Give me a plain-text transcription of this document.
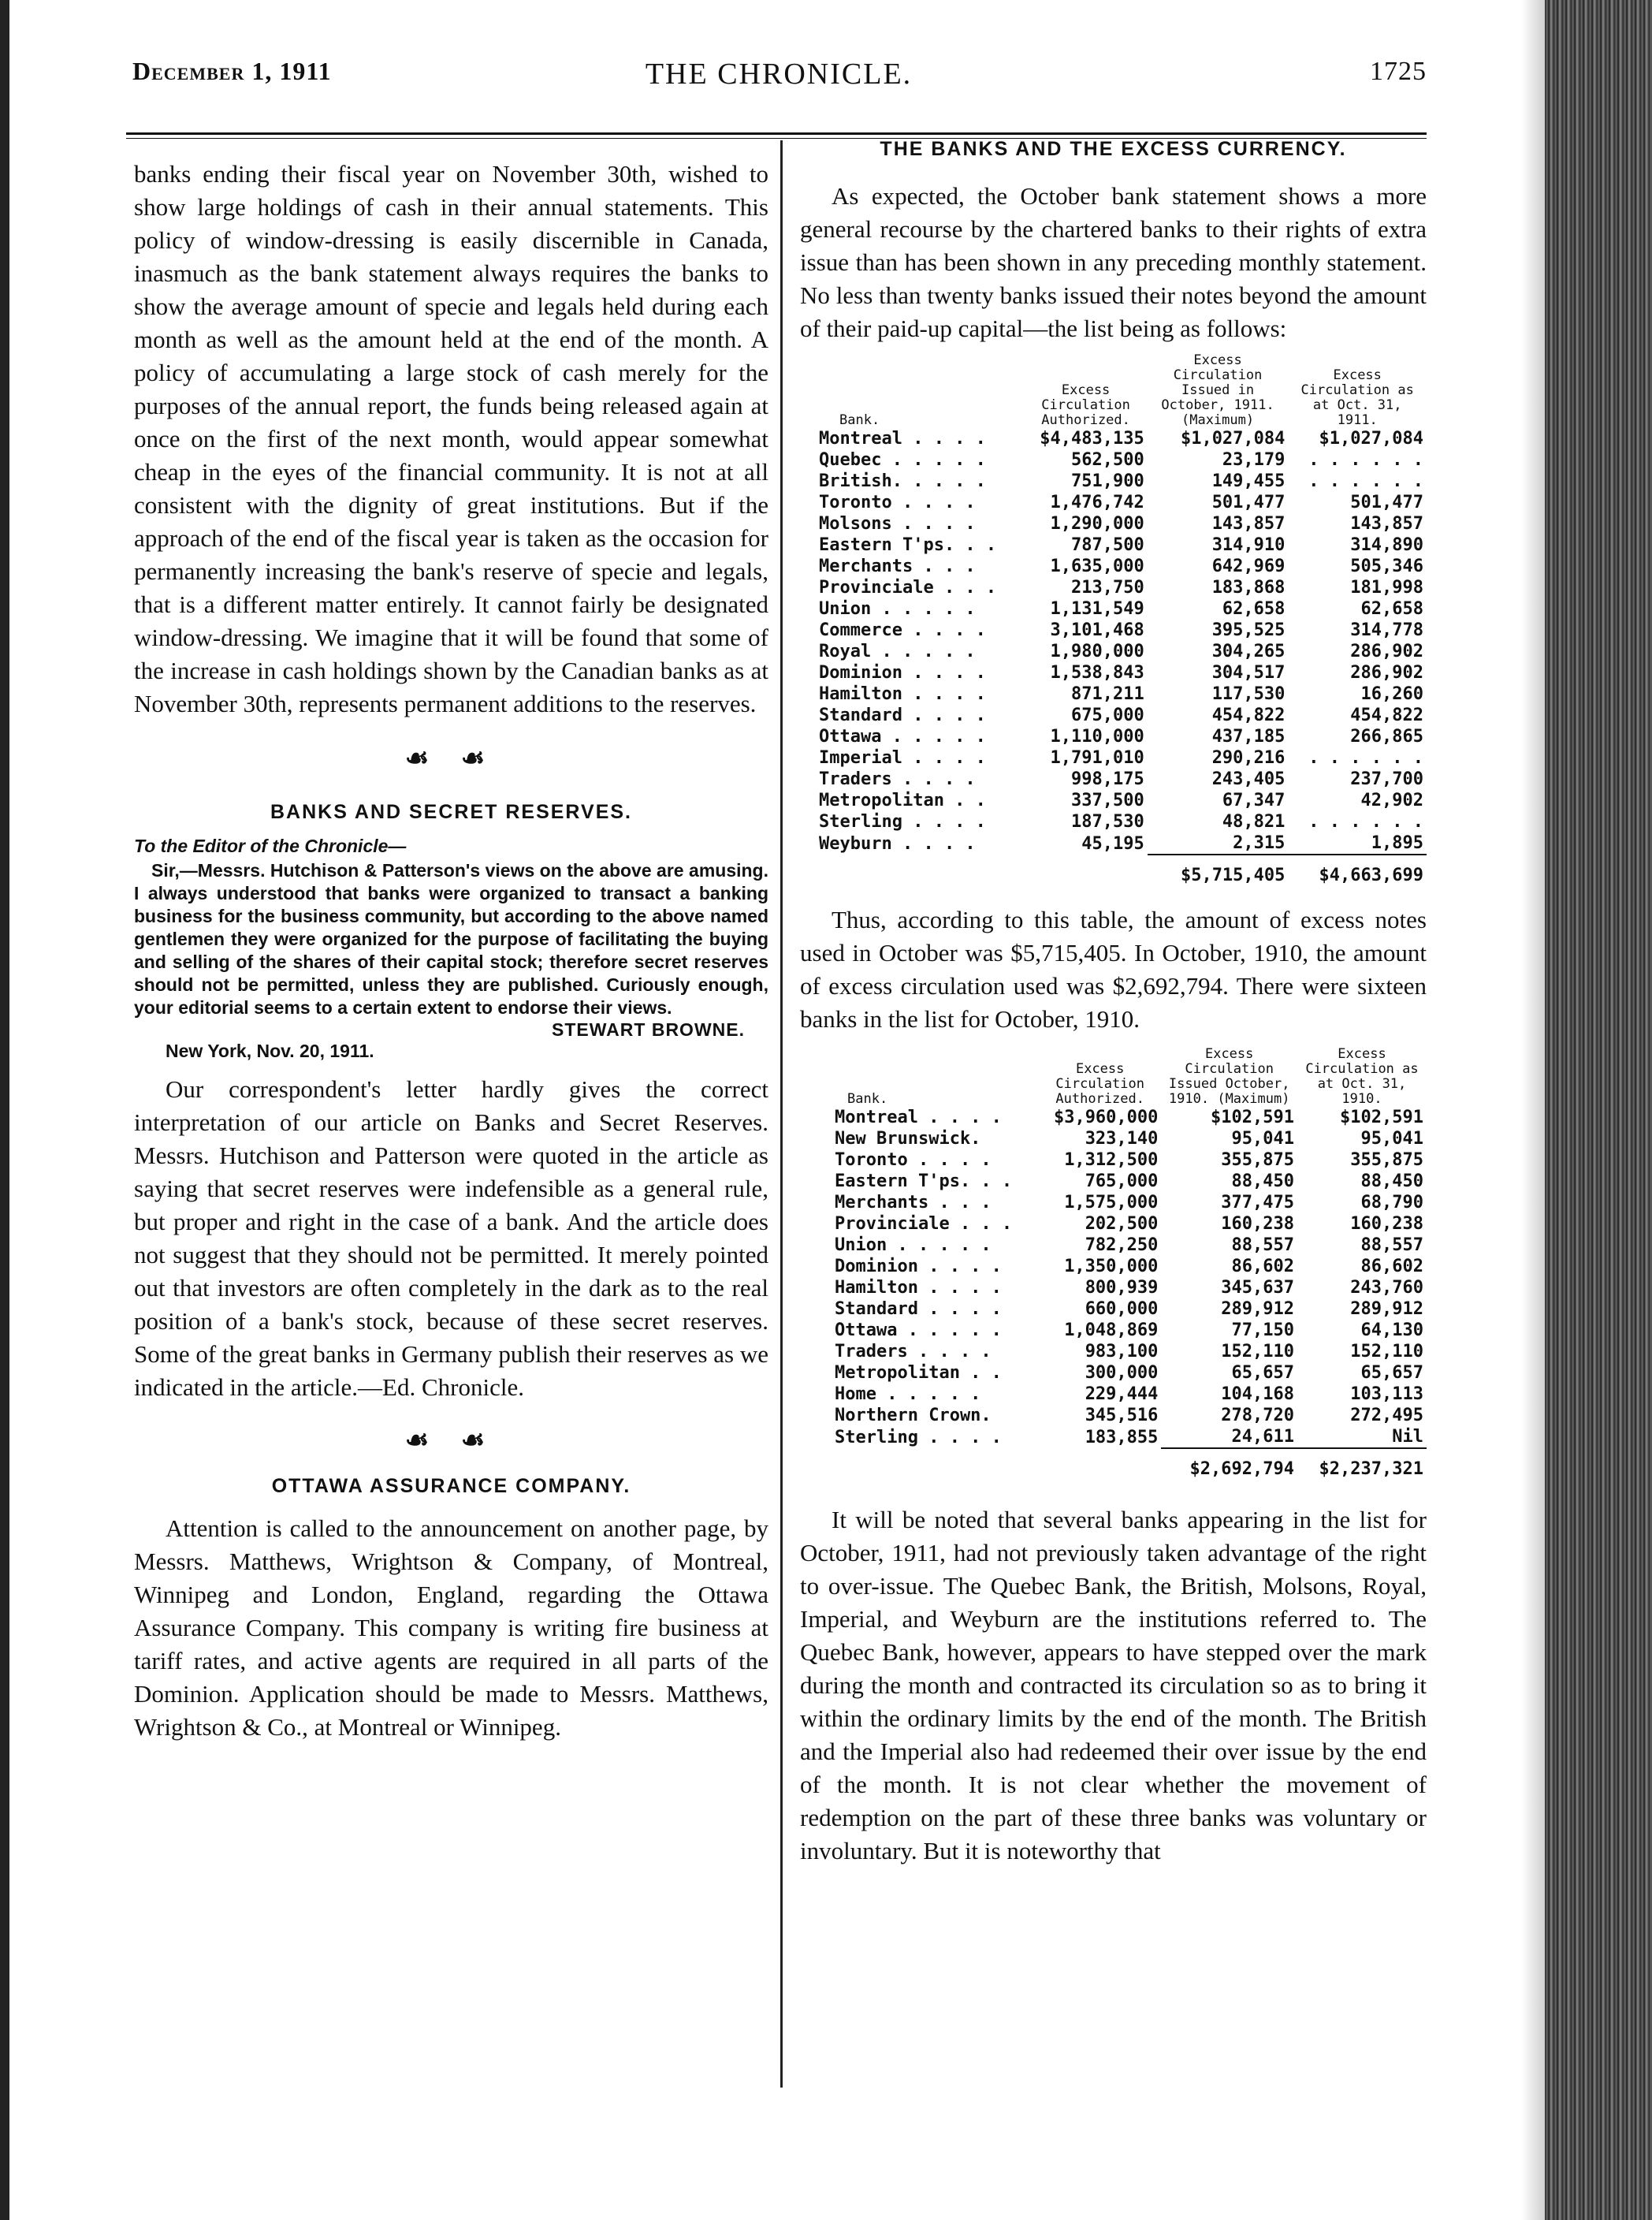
December 1, 1911	THE CHRONICLE.	1725

banks ending their fiscal year on November 30th, wished to show large holdings of cash in their annual statements. This policy of window-dressing is easily discernible in Canada, inasmuch as the bank statement always requires the banks to show the average amount of specie and legals held during each month as well as the amount held at the end of the month. A policy of accumulating a large stock of cash merely for the purposes of the annual report, the funds being released again at once on the first of the next month, would appear somewhat cheap in the eyes of the financial community. It is not at all consistent with the dignity of great institutions. But if the approach of the end of the fiscal year is taken as the occasion for permanently increasing the bank's reserve of specie and legals, that is a different matter entirely. It cannot fairly be designated window-dressing. We imagine that it will be found that some of the increase in cash holdings shown by the Canadian banks as at November 30th, represents permanent additions to the reserves.

☙ ☙

BANKS AND SECRET RESERVES.

To the Editor of the Chronicle—

Sir,—Messrs. Hutchison & Patterson's views on the above are amusing. I always understood that banks were organized to transact a banking business for the business community, but according to the above named gentlemen they were organized for the purpose of facilitating the buying and selling of the shares of their capital stock; therefore secret reserves should not be permitted, unless they are published. Curiously enough, your editorial seems to a certain extent to endorse their views.

STEWART BROWNE.

New York, Nov. 20, 1911.

Our correspondent's letter hardly gives the correct interpretation of our article on Banks and Secret Reserves. Messrs. Hutchison and Patterson were quoted in the article as saying that secret reserves were indefensible as a general rule, but proper and right in the case of a bank. And the article does not suggest that they should not be permitted. It merely pointed out that investors are often completely in the dark as to the real position of a bank's stock, because of these secret reserves. Some of the great banks in Germany publish their reserves as we indicated in the article.—Ed. Chronicle.

☙ ☙

OTTAWA ASSURANCE COMPANY.

Attention is called to the announcement on another page, by Messrs. Matthews, Wrightson & Company, of Montreal, Winnipeg and London, England, regarding the Ottawa Assurance Company. This company is writing fire business at tariff rates, and active agents are required in all parts of the Dominion. Application should be made to Messrs. Matthews, Wrightson & Co., at Montreal or Winnipeg.

THE BANKS AND THE EXCESS CURRENCY.

As expected, the October bank statement shows a more general recourse by the chartered banks to their rights of extra issue than has been shown in any preceding monthly statement. No less than twenty banks issued their notes beyond the amount of their paid-up capital—the list being as follows:

Bank.	Excess Circulation Authorized.	Excess Circulation Issued in October, 1911. (Maximum)	Excess Circulation as at Oct. 31, 1911.
Montreal . . . .	$4,483,135	$1,027,084	$1,027,084
Quebec . . . . .	562,500	23,179	. . . . . .
British. . . . .	751,900	149,455	. . . . . .
Toronto . . . .	1,476,742	501,477	501,477
Molsons . . . .	1,290,000	143,857	143,857
Eastern T'ps. . .	787,500	314,910	314,890
Merchants . . .	1,635,000	642,969	505,346
Provinciale . . .	213,750	183,868	181,998
Union . . . . .	1,131,549	62,658	62,658
Commerce . . . .	3,101,468	395,525	314,778
Royal . . . . .	1,980,000	304,265	286,902
Dominion . . . .	1,538,843	304,517	286,902
Hamilton . . . .	871,211	117,530	16,260
Standard . . . .	675,000	454,822	454,822
Ottawa . . . . .	1,110,000	437,185	266,865
Imperial . . . .	1,791,010	290,216	. . . . . .
Traders . . . .	998,175	243,405	237,700
Metropolitan . .	337,500	67,347	42,902
Sterling . . . .	187,530	48,821	. . . . . .
Weyburn . . . .	45,195	2,315	1,895
		$5,715,405	$4,663,699

Thus, according to this table, the amount of excess notes used in October was $5,715,405. In October, 1910, the amount of excess circulation used was $2,692,794. There were sixteen banks in the list for October, 1910.

Bank.	Excess Circulation Authorized.	Excess Circulation Issued October, 1910. (Maximum)	Excess Circulation as at Oct. 31, 1910.
Montreal . . . .	$3,960,000	$102,591	$102,591
New Brunswick.	323,140	95,041	95,041
Toronto . . . .	1,312,500	355,875	355,875
Eastern T'ps. . .	765,000	88,450	88,450
Merchants . . .	1,575,000	377,475	68,790
Provinciale . . .	202,500	160,238	160,238
Union . . . . .	782,250	88,557	88,557
Dominion . . . .	1,350,000	86,602	86,602
Hamilton . . . .	800,939	345,637	243,760
Standard . . . .	660,000	289,912	289,912
Ottawa . . . . .	1,048,869	77,150	64,130
Traders . . . .	983,100	152,110	152,110
Metropolitan . .	300,000	65,657	65,657
Home . . . . .	229,444	104,168	103,113
Northern Crown.	345,516	278,720	272,495
Sterling . . . .	183,855	24,611	Nil
		$2,692,794	$2,237,321

It will be noted that several banks appearing in the list for October, 1911, had not previously taken advantage of the right to over-issue. The Quebec Bank, the British, Molsons, Royal, Imperial, and Weyburn are the institutions referred to. The Quebec Bank, however, appears to have stepped over the mark during the month and contracted its circulation so as to bring it within the ordinary limits by the end of the month. The British and the Imperial also had redeemed their over issue by the end of the month. It is not clear whether the movement of redemption on the part of these three banks was voluntary or involuntary. But it is noteworthy that
